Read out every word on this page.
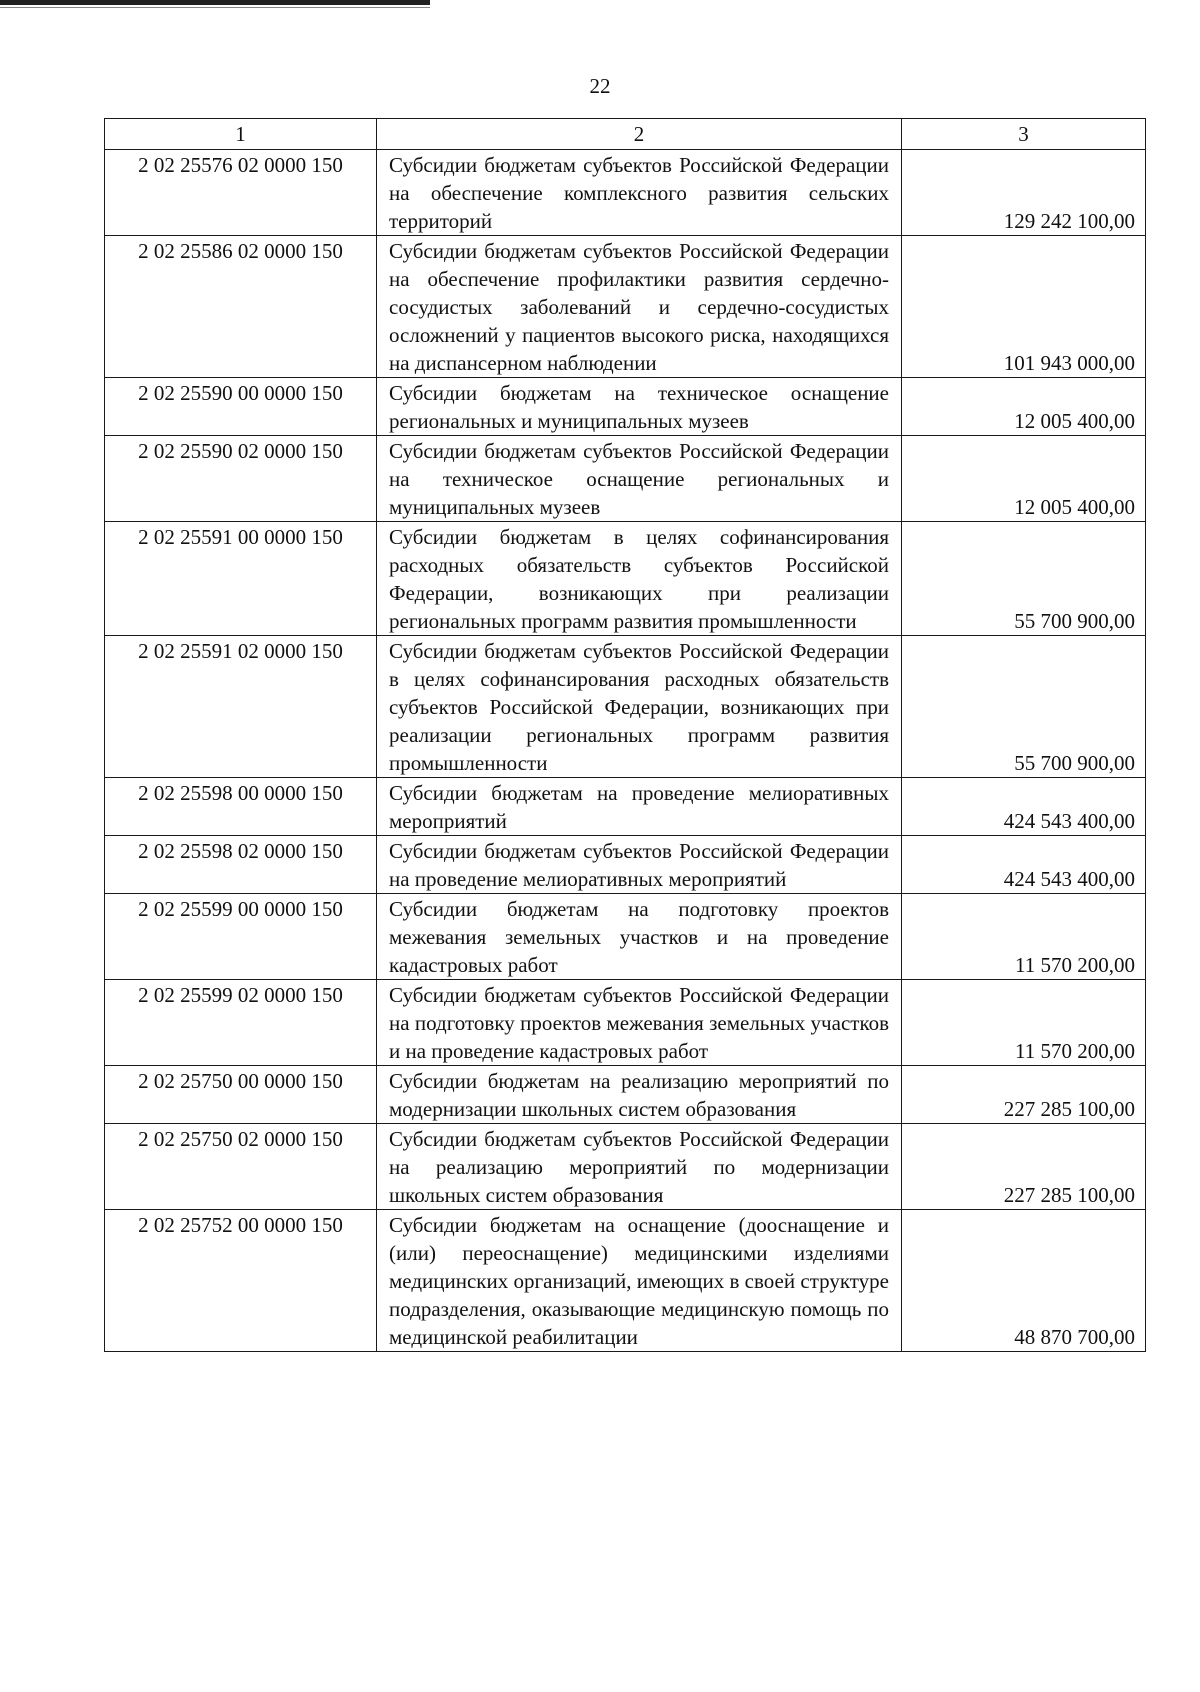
22
1	2	3
2 02 25576 02 0000 150	Субсидии бюджетам субъектов Российской Федерации на обеспечение комплексного развития сельских территорий	129 242 100,00
2 02 25586 02 0000 150	Субсидии бюджетам субъектов Российской Федерации на обеспечение профилактики развития сердечно-сосудистых заболеваний и сердечно-сосудистых осложнений у пациентов высокого риска, находящихся на диспансерном наблюдении	101 943 000,00
2 02 25590 00 0000 150	Субсидии бюджетам на техническое оснащение региональных и муниципальных музеев	12 005 400,00
2 02 25590 02 0000 150	Субсидии бюджетам субъектов Российской Федерации на техническое оснащение региональных и муниципальных музеев	12 005 400,00
2 02 25591 00 0000 150	Субсидии бюджетам в целях софинансирования расходных обязательств субъектов Российской Федерации, возникающих при реализации региональных программ развития промышленности	55 700 900,00
2 02 25591 02 0000 150	Субсидии бюджетам субъектов Российской Федерации в целях софинансирования расходных обязательств субъектов Российской Федерации, возникающих при реализации региональных программ развития промышленности	55 700 900,00
2 02 25598 00 0000 150	Субсидии бюджетам на проведение мелиоративных мероприятий	424 543 400,00
2 02 25598 02 0000 150	Субсидии бюджетам субъектов Российской Федерации на проведение мелиоративных мероприятий	424 543 400,00
2 02 25599 00 0000 150	Субсидии бюджетам на подготовку проектов межевания земельных участков и на проведение кадастровых работ	11 570 200,00
2 02 25599 02 0000 150	Субсидии бюджетам субъектов Российской Федерации на подготовку проектов межевания земельных участков и на проведение кадастровых работ	11 570 200,00
2 02 25750 00 0000 150	Субсидии бюджетам на реализацию мероприятий по модернизации школьных систем образования	227 285 100,00
2 02 25750 02 0000 150	Субсидии бюджетам субъектов Российской Федерации на реализацию мероприятий по модернизации школьных систем образования	227 285 100,00
2 02 25752 00 0000 150	Субсидии бюджетам на оснащение (дооснащение и (или) переоснащение) медицинскими изделиями медицинских организаций, имеющих в своей структуре подразделения, оказывающие медицинскую помощь по медицинской реабилитации	48 870 700,00
